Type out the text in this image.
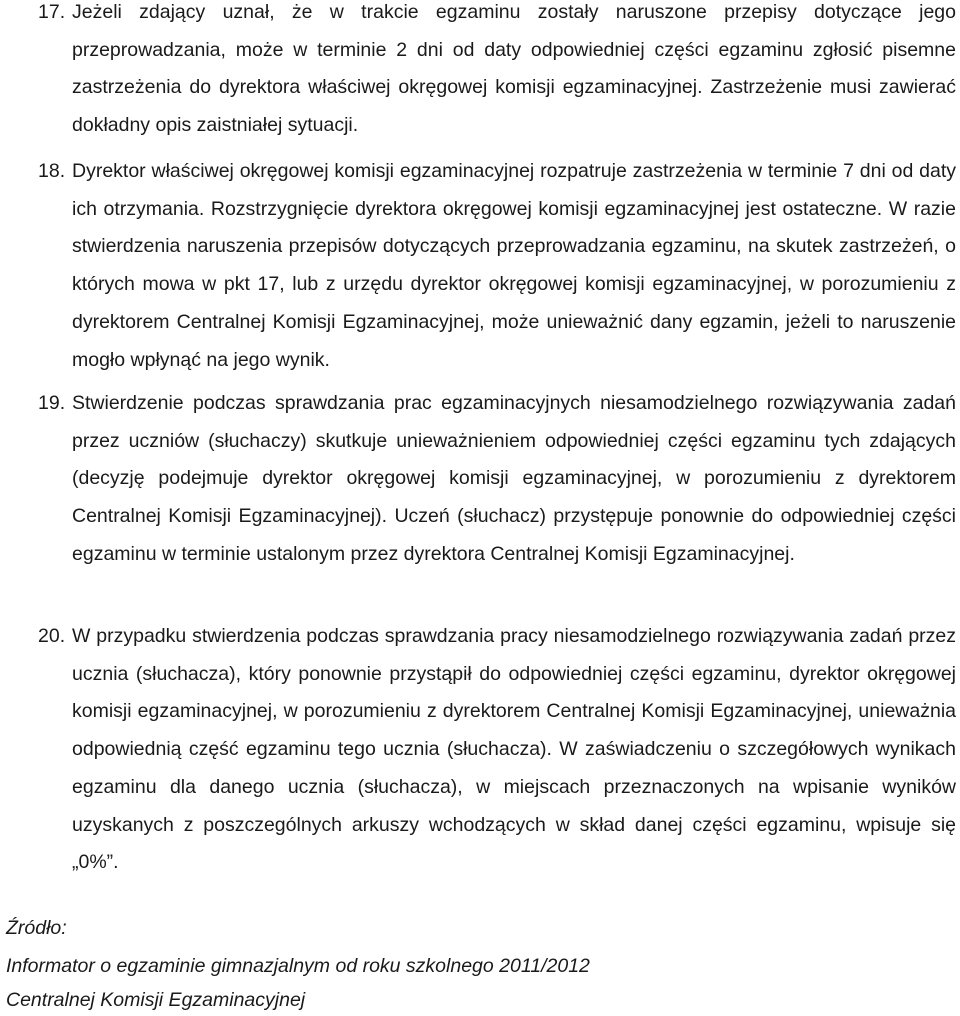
17. Jeżeli zdający uznał, że w trakcie egzaminu zostały naruszone przepisy dotyczące jego przeprowadzania, może w terminie 2 dni od daty odpowiedniej części egzaminu zgłosić pisemne zastrzeżenia do dyrektora właściwej okręgowej komisji egzaminacyjnej. Zastrzeżenie musi zawierać dokładny opis zaistniałej sytuacji.
18. Dyrektor właściwej okręgowej komisji egzaminacyjnej rozpatruje zastrzeżenia w terminie 7 dni od daty ich otrzymania. Rozstrzygnięcie dyrektora okręgowej komisji egzaminacyjnej jest ostateczne. W razie stwierdzenia naruszenia przepisów dotyczących przeprowadzania egzaminu, na skutek zastrzeżeń, o których mowa w pkt 17, lub z urzędu dyrektor okręgowej komisji egzaminacyjnej, w porozumieniu z dyrektorem Centralnej Komisji Egzaminacyjnej, może unieważnić dany egzamin, jeżeli to naruszenie mogło wpłynąć na jego wynik.
19. Stwierdzenie podczas sprawdzania prac egzaminacyjnych niesamodzielnego rozwiązywania zadań przez uczniów (słuchaczy) skutkuje unieważnieniem odpowiedniej części egzaminu tych zdających (decyzję podejmuje dyrektor okręgowej komisji egzaminacyjnej, w porozumieniu z dyrektorem Centralnej Komisji Egzaminacyjnej). Uczeń (słuchacz) przystępuje ponownie do odpowiedniej części egzaminu w terminie ustalonym przez dyrektora Centralnej Komisji Egzaminacyjnej.
20. W przypadku stwierdzenia podczas sprawdzania pracy niesamodzielnego rozwiązywania zadań przez ucznia (słuchacza), który ponownie przystąpił do odpowiedniej części egzaminu, dyrektor okręgowej komisji egzaminacyjnej, w porozumieniu z dyrektorem Centralnej Komisji Egzaminacyjnej, unieważnia odpowiednią część egzaminu tego ucznia (słuchacza). W zaświadczeniu o szczegółowych wynikach egzaminu dla danego ucznia (słuchacza), w miejscach przeznaczonych na wpisanie wyników uzyskanych z poszczególnych arkuszy wchodzących w skład danej części egzaminu, wpisuje się „0%”.
Źródło:
Informator o egzaminie gimnazjalnym od roku szkolnego 2011/2012
Centralnej Komisji Egzaminacyjnej
